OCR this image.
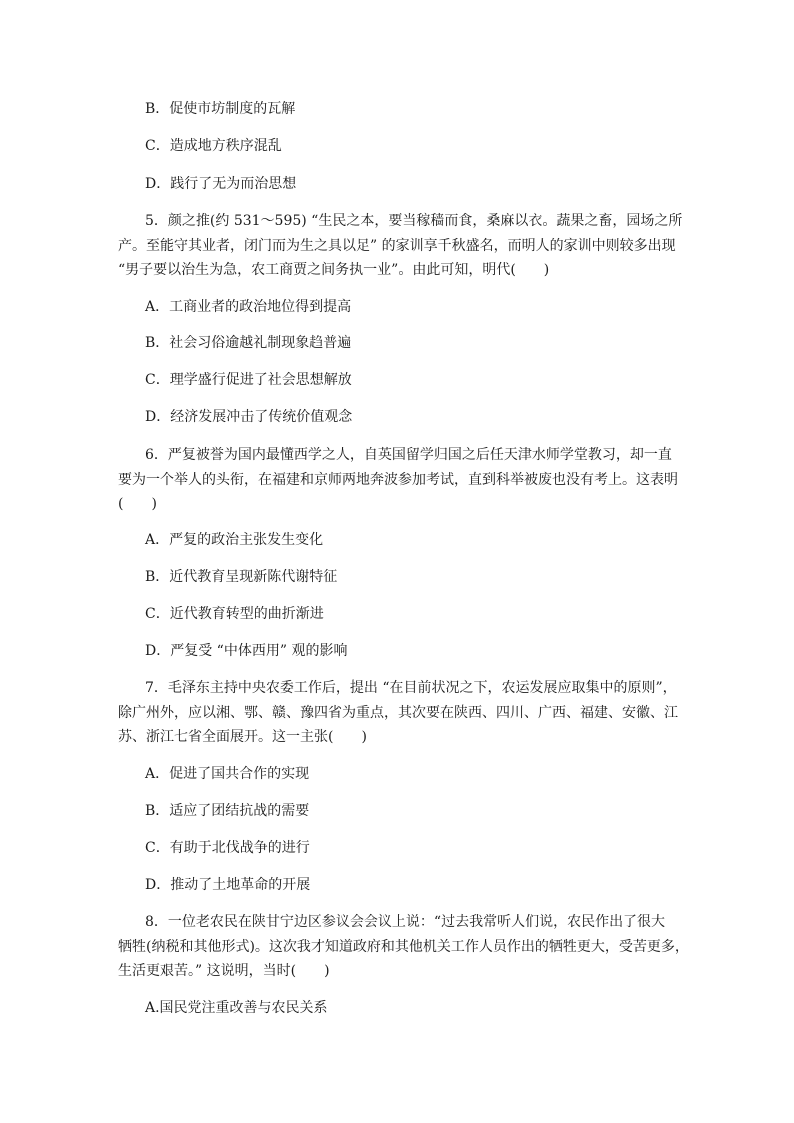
B．促使市坊制度的瓦解
C．造成地方秩序混乱
D．践行了无为而治思想
5．颜之推(约 531～595) “生民之本，要当稼穑而食，桑麻以衣。蔬果之畜，园场之所
产。至能守其业者，闭门而为生之具以足” 的家训享千秋盛名，而明人的家训中则较多出现
“男子要以治生为急，农工商贾之间务执一业”。由此可知，明代(　　)
A．工商业者的政治地位得到提高
B．社会习俗逾越礼制现象趋普遍
C．理学盛行促进了社会思想解放
D．经济发展冲击了传统价值观念
6．严复被誉为国内最懂西学之人，自英国留学归国之后任天津水师学堂教习，却一直
要为一个举人的头衔，在福建和京师两地奔波参加考试，直到科举被废也没有考上。这表明
(　　)
A．严复的政治主张发生变化
B．近代教育呈现新陈代谢特征
C．近代教育转型的曲折渐进
D．严复受 “中体西用” 观的影响
7．毛泽东主持中央农委工作后，提出 “在目前状况之下，农运发展应取集中的原则”，
除广州外，应以湘、鄂、赣、豫四省为重点，其次要在陕西、四川、广西、福建、安徽、江
苏、浙江七省全面展开。这一主张(　　)
A．促进了国共合作的实现
B．适应了团结抗战的需要
C．有助于北伐战争的进行
D．推动了土地革命的开展
8．一位老农民在陕甘宁边区参议会会议上说：“过去我常听人们说，农民作出了很大
牺牲(纳税和其他形式)。这次我才知道政府和其他机关工作人员作出的牺牲更大，受苦更多，
生活更艰苦。” 这说明，当时(　　)
A.国民党注重改善与农民关系
